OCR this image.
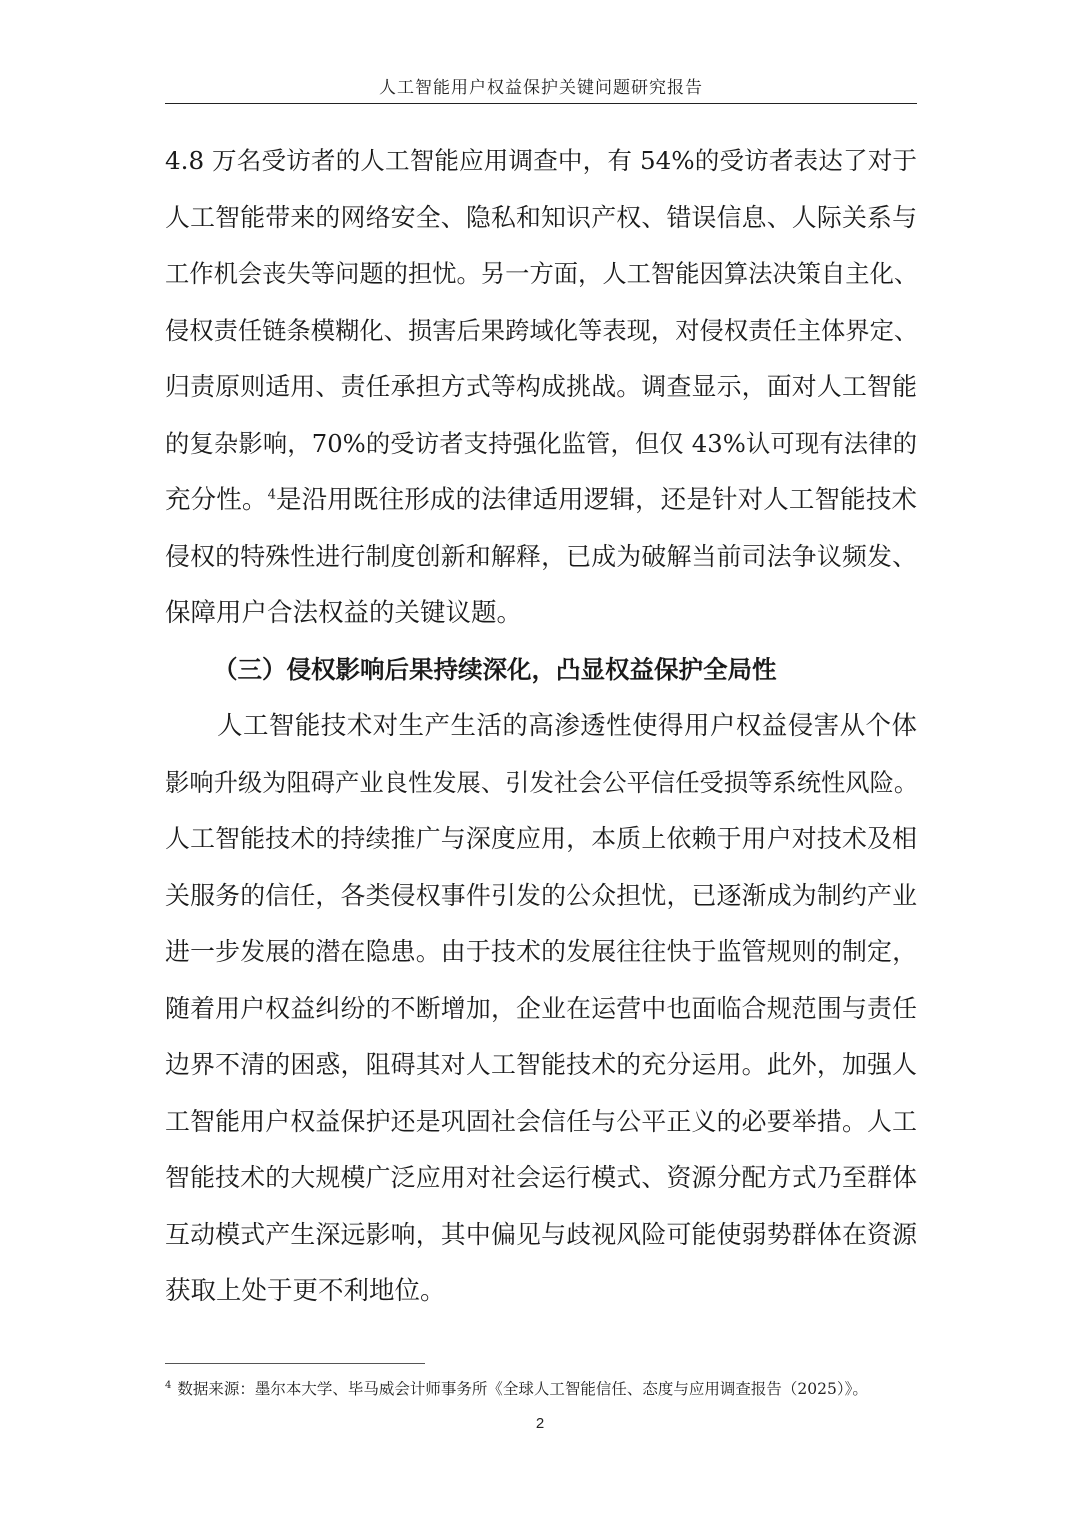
人工智能用户权益保护关键问题研究报告
4.8 万名受访者的人工智能应用调查中，有 54%的受访者表达了对于
人工智能带来的网络安全、隐私和知识产权、错误信息、人际关系与
工作机会丧失等问题的担忧。另一方面，人工智能因算法决策自主化、
侵权责任链条模糊化、损害后果跨域化等表现，对侵权责任主体界定、
归责原则适用、责任承担方式等构成挑战。调查显示，面对人工智能
的复杂影响，70%的受访者支持强化监管，但仅 43%认可现有法律的
充分性。$^4$是沿用既往形成的法律适用逻辑，还是针对人工智能技术
侵权的特殊性进行制度创新和解释，已成为破解当前司法争议频发、
保障用户合法权益的关键议题。
（三）侵权影响后果持续深化，凸显权益保护全局性
人工智能技术对生产生活的高渗透性使得用户权益侵害从个体
影响升级为阻碍产业良性发展、引发社会公平信任受损等系统性风险。
人工智能技术的持续推广与深度应用，本质上依赖于用户对技术及相
关服务的信任，各类侵权事件引发的公众担忧，已逐渐成为制约产业
进一步发展的潜在隐患。由于技术的发展往往快于监管规则的制定，
随着用户权益纠纷的不断增加，企业在运营中也面临合规范围与责任
边界不清的困惑，阻碍其对人工智能技术的充分运用。此外，加强人
工智能用户权益保护还是巩固社会信任与公平正义的必要举措。人工
智能技术的大规模广泛应用对社会运行模式、资源分配方式乃至群体
互动模式产生深远影响，其中偏见与歧视风险可能使弱势群体在资源
获取上处于更不利地位。
$^4$ 数据来源：墨尔本大学、毕马威会计师事务所《全球人工智能信任、态度与应用调查报告（2025）》。
2
